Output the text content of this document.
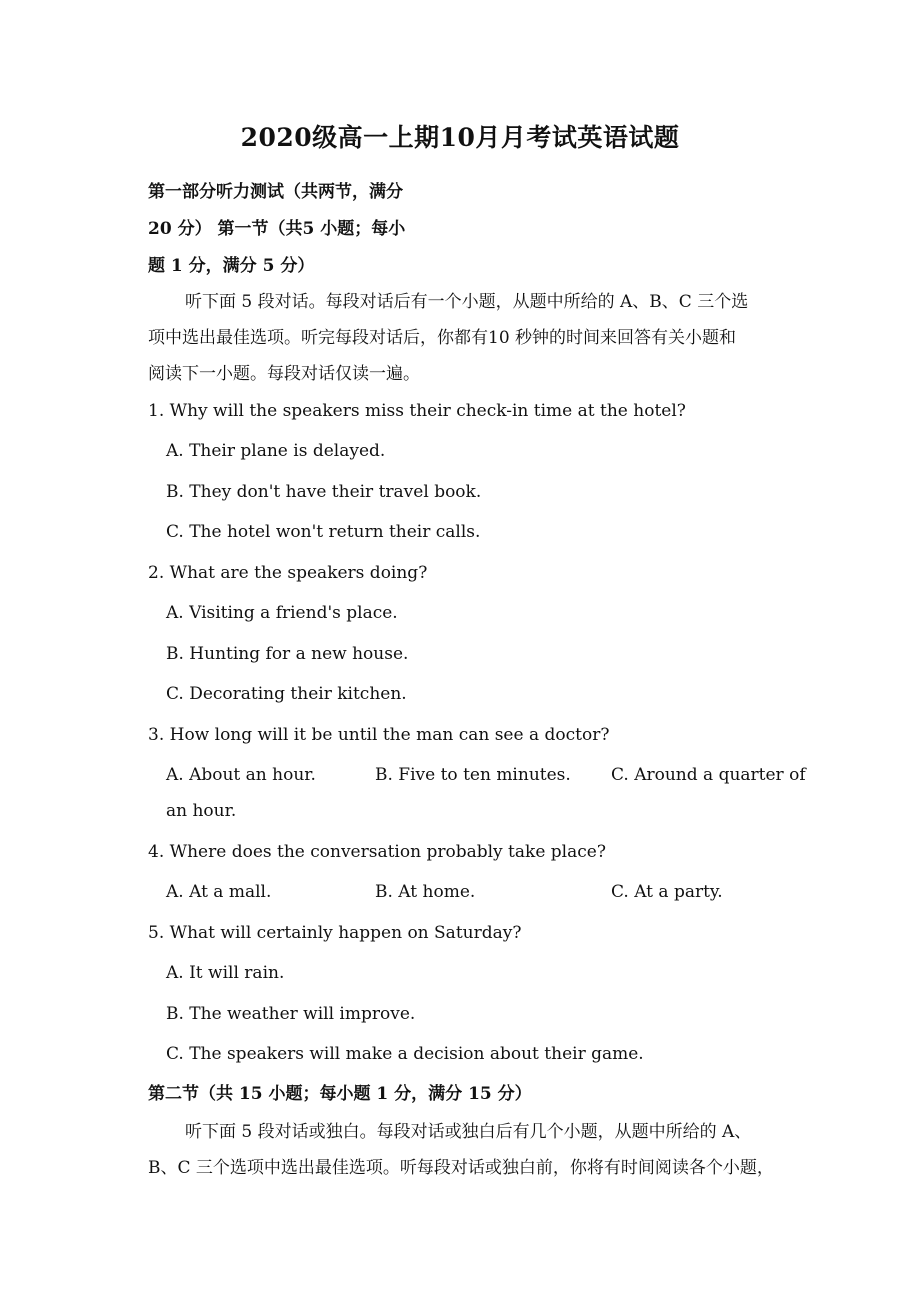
2020级高一上期10月月考试英语试题
第一部分听力测试（共两节，满分
20 分） 第一节（共5 小题；每小
题 1 分，满分 5 分）
听下面 5 段对话。每段对话后有一个小题，从题中所给的 A、B、C 三个选
项中选出最佳选项。听完每段对话后，你都有10 秒钟的时间来回答有关小题和
阅读下一小题。每段对话仅读一遍。
1. Why will the speakers miss their check-in time at the hotel?
A. Their plane is delayed.
B. They don't have their travel book.
C. The hotel won't return their calls.
2. What are the speakers doing?
A. Visiting a friend's place.
B. Hunting for a new house.
C. Decorating their kitchen.
3. How long will it be until the man can see a doctor?
A. About an hour.	B. Five to ten minutes. C. Around a quarter of
an hour.
4. Where does the conversation probably take place?
A. At a mall.	B. At home.	C. At a party.
5. What will certainly happen on Saturday?
A. It will rain.
B. The weather will improve.
C. The speakers will make a decision about their game.
第二节（共 15 小题；每小题 1 分，满分 15 分）
听下面 5 段对话或独白。每段对话或独白后有几个小题，从题中所给的 A、
B、C 三个选项中选出最佳选项。听每段对话或独白前，你将有时间阅读各个小题，
